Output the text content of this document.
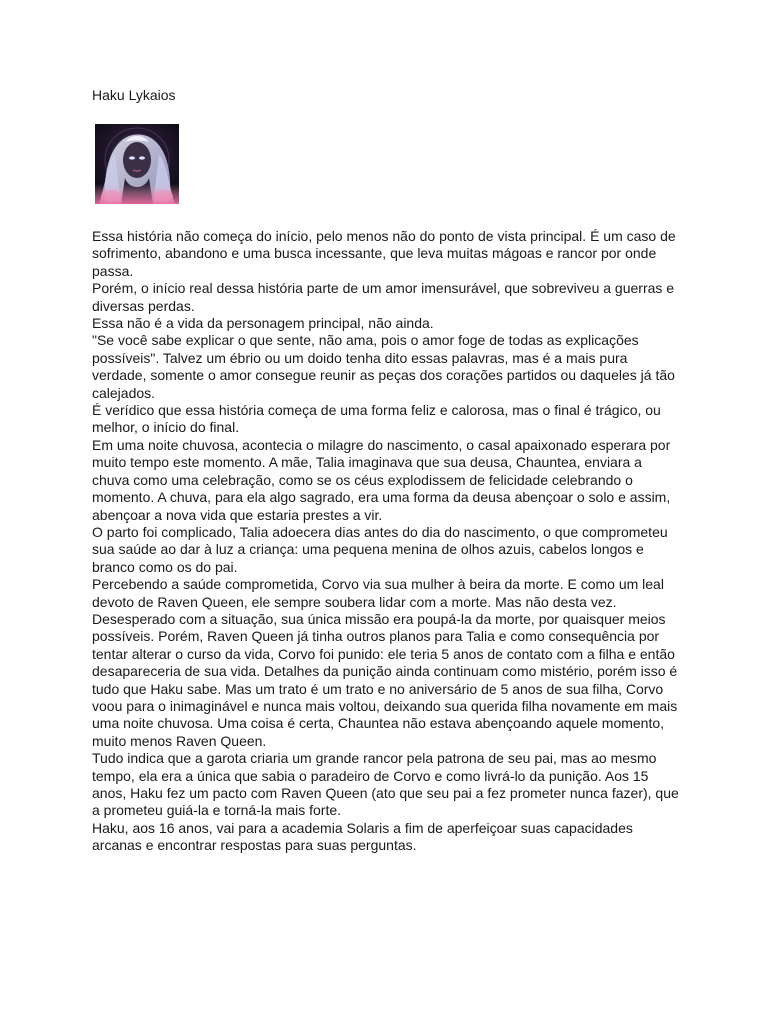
Haku Lykaios

Essa história não começa do início, pelo menos não do ponto de vista principal. É um caso de sofrimento, abandono e uma busca incessante, que leva muitas mágoas e rancor por onde passa.

Porém, o início real dessa história parte de um amor imensurável, que sobreviveu a guerras e diversas perdas.

Essa não é a vida da personagem principal, não ainda.

"Se você sabe explicar o que sente, não ama, pois o amor foge de todas as explicações possíveis". Talvez um ébrio ou um doido tenha dito essas palavras, mas é a mais pura verdade, somente o amor consegue reunir as peças dos corações partidos ou daqueles já tão calejados.

É verídico que essa história começa de uma forma feliz e calorosa, mas o final é trágico, ou melhor, o início do final.

Em uma noite chuvosa, acontecia o milagre do nascimento, o casal apaixonado esperara por muito tempo este momento. A mãe, Talia imaginava que sua deusa, Chauntea, enviara a chuva como uma celebração, como se os céus explodissem de felicidade celebrando o momento. A chuva, para ela algo sagrado, era uma forma da deusa abençoar o solo e assim, abençoar a nova vida que estaria prestes a vir.

O parto foi complicado, Talia adoecera dias antes do dia do nascimento, o que comprometeu sua saúde ao dar à luz a criança: uma pequena menina de olhos azuis, cabelos longos e branco como os do pai.

Percebendo a saúde comprometida, Corvo via sua mulher à beira da morte. E como um leal devoto de Raven Queen, ele sempre soubera lidar com a morte. Mas não desta vez. Desesperado com a situação, sua única missão era poupá-la da morte, por quaisquer meios possíveis. Porém, Raven Queen já tinha outros planos para Talia e como consequência por tentar alterar o curso da vida, Corvo foi punido: ele teria 5 anos de contato com a filha e então desapareceria de sua vida. Detalhes da punição ainda continuam como mistério, porém isso é tudo que Haku sabe. Mas um trato é um trato e no aniversário de 5 anos de sua filha, Corvo voou para o inimaginável e nunca mais voltou, deixando sua querida filha novamente em mais uma noite chuvosa. Uma coisa é certa, Chauntea não estava abençoando aquele momento, muito menos Raven Queen.

Tudo indica que a garota criaria um grande rancor pela patrona de seu pai, mas ao mesmo tempo, ela era a única que sabia o paradeiro de Corvo e como livrá-lo da punição. Aos 15 anos, Haku fez um pacto com Raven Queen (ato que seu pai a fez prometer nunca fazer), que a prometeu guiá-la e torná-la mais forte.

Haku, aos 16 anos, vai para a academia Solaris a fim de aperfeiçoar suas capacidades arcanas e encontrar respostas para suas perguntas.
